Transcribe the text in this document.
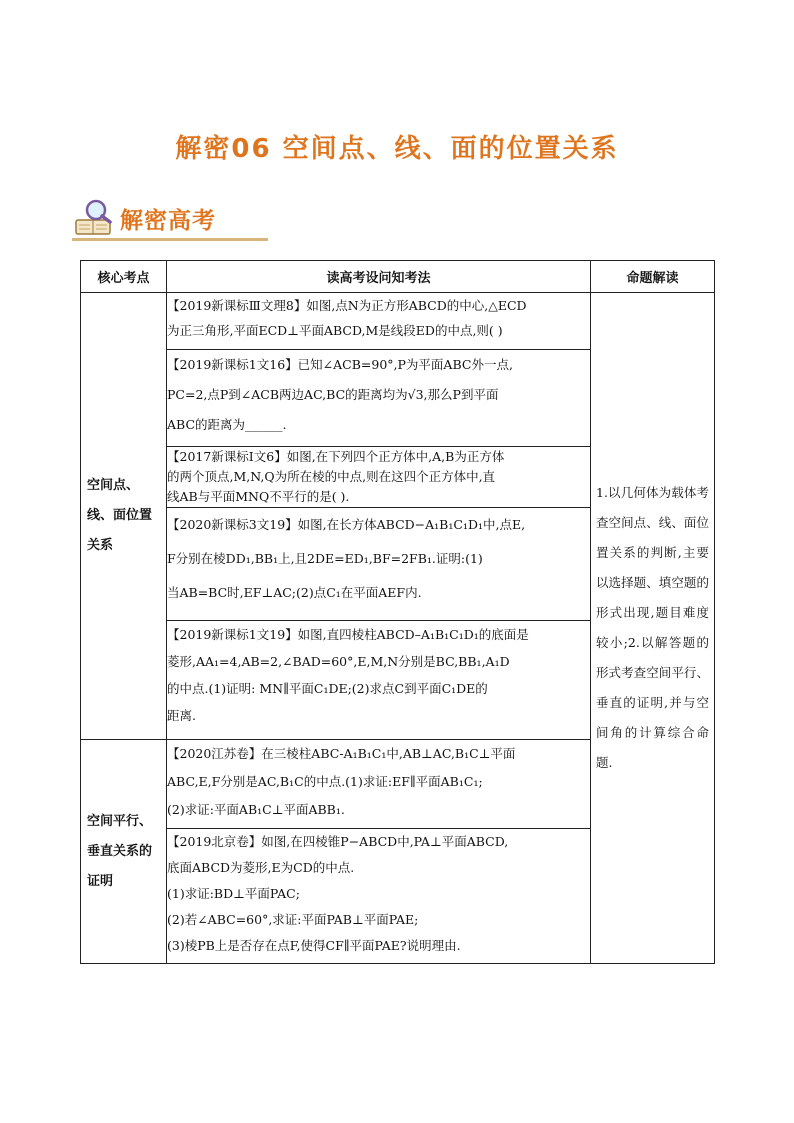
解密06 空间点、线、面的位置关系
解密高考
核心考点	读高考设问知考法	命题解读
空间点、线、面位置关系	【2019新课标Ⅲ文理8】如图,点N为正方形ABCD的中心,△ECD
为正三角形,平面ECD⊥平面ABCD,M是线段ED的中点,则( )	1.以几何体为载体考查空间点、线、面位置关系的判断,主要以选择题、填空题的形式出现,题目难度较小;2.以解答题的形式考查空间平行、垂直的证明,并与空间角的计算综合命题.

	【2019新课标1文16】已知∠ACB=90°,P为平面ABC外一点,
PC=2,点P到∠ACB两边AC,BC的距离均为√3,那么P到平面
ABC的距离为______.	

	【2017新课标Ⅰ文6】如图,在下列四个正方体中,A,B为正方体
的两个顶点,M,N,Q为所在棱的中点,则在这四个正方体中,直
线AB与平面MNQ不平行的是( ).	

	【2020新课标3文19】如图,在长方体ABCD−A₁B₁C₁D₁中,点E,
F分别在棱DD₁,BB₁上,且2DE=ED₁,BF=2FB₁.证明:(1)
当AB=BC时,EF⊥AC;(2)点C₁在平面AEF内.	

	【2019新课标1文19】如图,直四棱柱ABCD–A₁B₁C₁D₁的底面是
菱形,AA₁=4,AB=2,∠BAD=60°,E,M,N分别是BC,BB₁,A₁D
的中点.(1)证明: MN∥平面C₁DE;(2)求点C到平面C₁DE的
距离.	

空间平行、垂直关系的证明	【2020江苏卷】在三棱柱ABC-A₁B₁C₁中,AB⊥AC,B₁C⊥平面
ABC,E,F分别是AC,B₁C的中点.(1)求证:EF∥平面AB₁C₁;
(2)求证:平面AB₁C⊥平面ABB₁.	

	【2019北京卷】如图,在四棱锥P−ABCD中,PA⊥平面ABCD,
底面ABCD为菱形,E为CD的中点.
(1)求证:BD⊥平面PAC;
(2)若∠ABC=60°,求证:平面PAB⊥平面PAE;
(3)棱PB上是否存在点F,使得CF∥平面PAE?说明理由.	
